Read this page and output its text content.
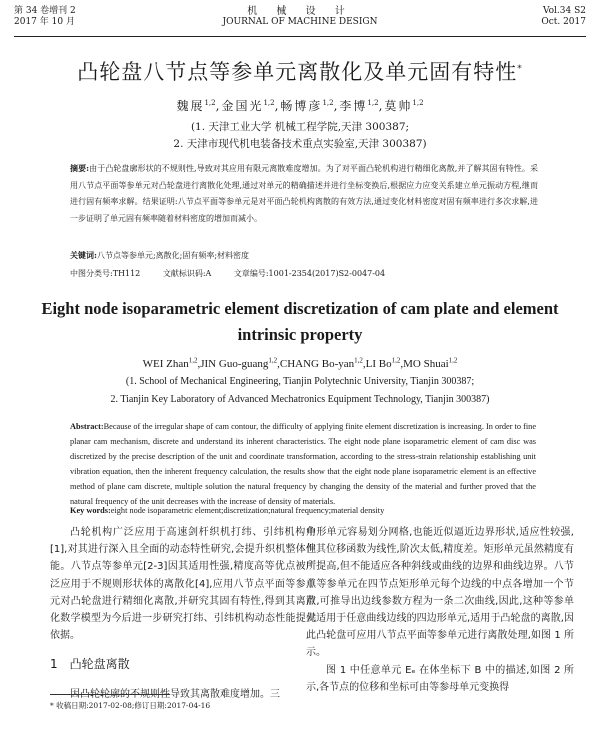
第 34 卷增刊 2
2017 年 10 月
机 械 设 计
JOURNAL OF MACHINE DESIGN
Vol.34 S2
Oct. 2017
凸轮盘八节点等参单元离散化及单元固有特性*
魏展$^{1,2}$,金国光$^{1,2}$,畅博彦$^{1,2}$,李博$^{1,2}$,莫帅$^{1,2}$
(1. 天津工业大学 机械工程学院,天津 300387;
2. 天津市现代机电装备技术重点实验室,天津 300387)
摘要:由于凸轮盘廓形状的不规则性,导致对其应用有限元离散难度增加。为了对平面凸轮机构进行精细化离散,并了解其固有特性。采用八节点平面等参单元对凸轮盘进行离散化处理,通过对单元的精确描述并进行坐标变换后,根据应力应变关系建立单元振动方程,继而进行固有频率求解。结果证明:八节点平面等参单元是对平面凸轮机构离散的有效方法,通过变化材料密度对固有频率进行多次求解,进一步证明了单元固有频率随着材料密度的增加而减小。
关键词:八节点等参单元;离散化;固有频率;材料密度
中图分类号:TH112	文献标识码:A	文章编号:1001-2354(2017)S2-0047-04
Eight node isoparametric element discretization of cam plate and element intrinsic property
WEI Zhan$^{1,2}$,JIN Guo-guang$^{1,2}$,CHANG Bo-yan$^{1,2}$,LI Bo$^{1,2}$,MO Shuai$^{1,2}$
(1. School of Mechanical Engineering, Tianjin Polytechnic University, Tianjin 300387;
2. Tianjin Key Laboratory of Advanced Mechatronics Equipment Technology, Tianjin 300387)
Abstract:Because of the irregular shape of cam contour, the difficulty of applying finite element discretization is increasing. In order to fine planar cam mechanism, discrete and understand its inherent characteristics. The eight node plane isoparametric element of cam disc was discretized by the precise description of the unit and coordinate transformation, according to the stress-strain relationship establishing unit vibration equation, then the inherent frequency calculation, the results show that the eight node plane isoparametric element is an effective method of plane cam discrete, multiple solution the natural frequency by changing the density of the material and further proved that the natural frequency of the unit decreases with the increase of density of materials.
Key words:eight node isoparametric element;discretization;natural frequency;material density

凸轮机构广泛应用于高速剑杆织机打纬、引纬机构中[1],对其进行深入且全面的动态特性研究,会提升织机整体性能。八节点等参单元[2-3]因其适用性强,精度高等优点被广泛应用于不规则形状体的离散化[4],应用八节点平面等参单元对凸轮盘进行精细化离散,并研究其固有特性,得到其离散化数学模型为今后进一步研究打纬、引纬机构动态性能提供依据。

1 凸轮盘离散

因凸轮轮廓的不规则性导致其离散难度增加。三

角形单元容易划分网格,也能近似逼近边界形状,适应性较强,但其位移函数为线性,阶次太低,精度差。矩形单元虽然精度有所提高,但不能适应各种斜线或曲线的边界和曲线边界。八节点等参单元在四节点矩形单元每个边线的中点各增加一个节点,可推导出边线参数方程为一条二次曲线,因此,这种等参单元适用于任意曲线边线的四边形单元,适用于凸轮盘的离散,因此凸轮盘可应用八节点平面等参单元进行离散处理,如图 1 所示。

图 1 中任意单元 Eₑ 在体坐标下 B 中的描述,如图 2 所示,各节点的位移和坐标可由等参母单元变换得

* 收稿日期:2017-02-08;修订日期:2017-04-16
